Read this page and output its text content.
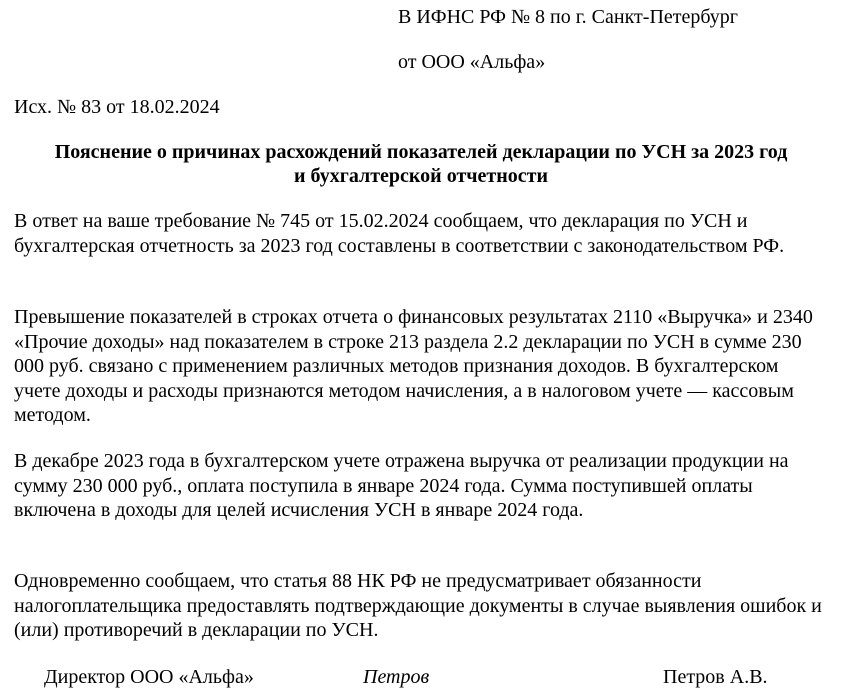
В ИФНС РФ № 8 по г. Санкт-Петербург
от ООО «Альфа»
Исх. № 83 от 18.02.2024
Пояснение о причинах расхождений показателей декларации по УСН за 2023 год
и бухгалтерской отчетности

В ответ на ваше требование № 745 от 15.02.2024 сообщаем, что декларация по УСН и бухгалтерская отчетность за 2023 год составлены в соответствии с законодательством РФ.

Превышение показателей в строках отчета о финансовых результатах 2110 «Выручка» и 2340 «Прочие доходы» над показателем в строке 213 раздела 2.2 декларации по УСН в сумме 230 000 руб. связано с применением различных методов признания доходов. В бухгалтерском учете доходы и расходы признаются методом начисления, а в налоговом учете — кассовым методом.

В декабре 2023 года в бухгалтерском учете отражена выручка от реализации продукции на сумму 230 000 руб., оплата поступила в январе 2024 года. Сумма поступившей оплаты включена в доходы для целей исчисления УСН в январе 2024 года.

Одновременно сообщаем, что статья 88 НК РФ не предусматривает обязанности налогоплательщика предоставлять подтверждающие документы в случае выявления ошибок и (или) противоречий в декларации по УСН.

Директор ООО «Альфа»	Петров	Петров А.В.
